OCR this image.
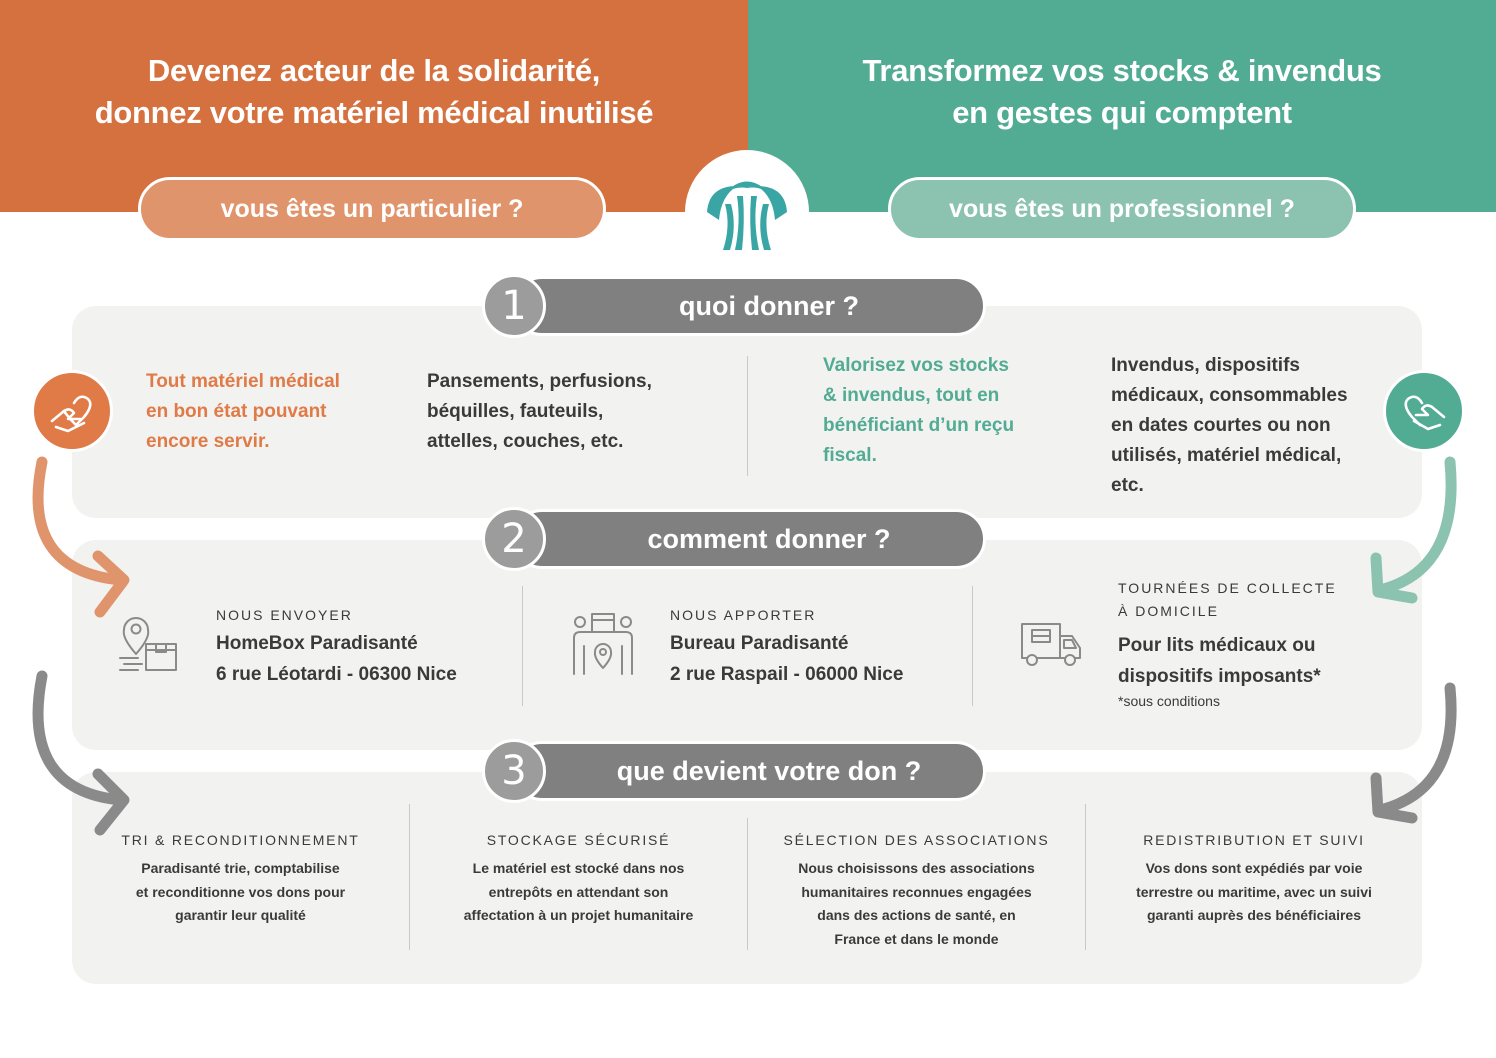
Devenez acteur de la solidarité,
donnez votre matériel médical inutilisé
Transformez vos stocks & invendus
en gestes qui comptent
vous êtes un particulier ?	vous êtes un professionnel ?
quoi donner ?
1
comment donner ?
2
que devient votre don ?
3
Tout matériel médical
en bon état pouvant
encore servir.
Pansements, perfusions,
béquilles, fauteuils,
attelles, couches, etc.
Valorisez vos stocks
& invendus, tout en
bénéficiant d’un reçu
fiscal.
Invendus, dispositifs
médicaux, consommables
en dates courtes ou non
utilisés, matériel médical,
etc.
NOUS ENVOYER
HomeBox Paradisanté
6 rue Léotardi - 06300 Nice
NOUS APPORTER
Bureau Paradisanté
2 rue Raspail - 06000 Nice
TOURNÉES DE COLLECTE
À DOMICILE
Pour lits médicaux ou
dispositifs imposants*
*sous conditions
TRI & RECONDITIONNEMENT
Paradisanté trie, comptabilise
et reconditionne vos dons pour
garantir leur qualité
STOCKAGE SÉCURISÉ
Le matériel est stocké dans nos
entrepôts en attendant son
affectation à un projet humanitaire
SÉLECTION DES ASSOCIATIONS
Nous choisissons des associations
humanitaires reconnues engagées
dans des actions de santé, en
France et dans le monde
REDISTRIBUTION ET SUIVI
Vos dons sont expédiés par voie
terrestre ou maritime, avec un suivi
garanti auprès des bénéficiaires
